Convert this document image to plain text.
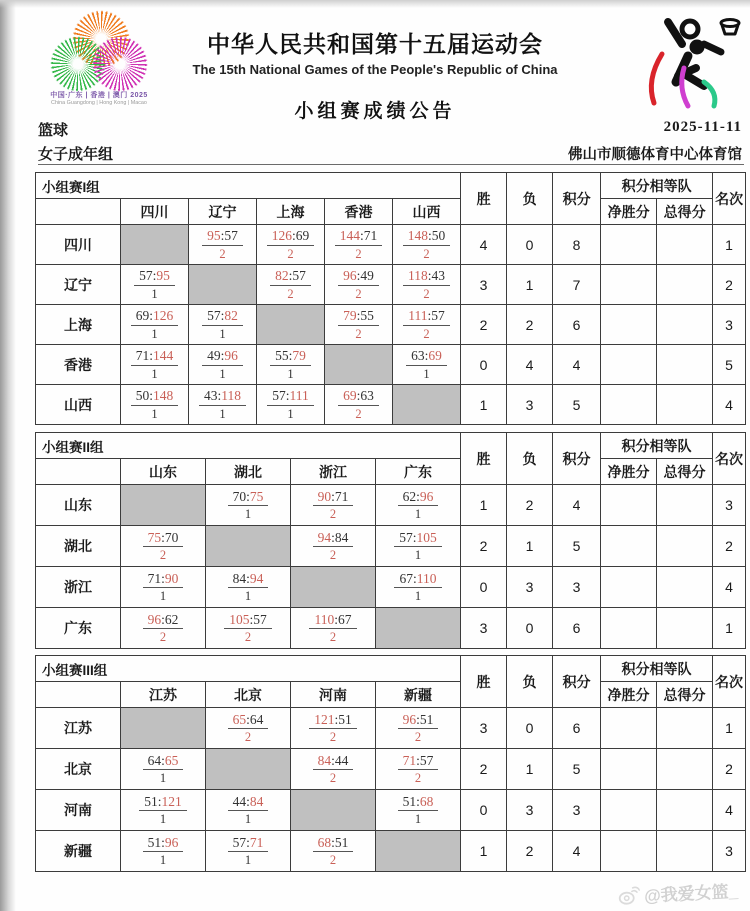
中国·广东 | 香港 | 澳门 2025
China Guangdong | Hong Kong | Macao
中华人民共和国第十五届运动会
The 15th National Games of the People's Republic of China
小组赛成绩公告
篮球	2025-11-11
女子成年组	佛山市顺德体育中心体育馆
小组赛I组						胜	负	积分	积分相等队		名次
	四川	辽宁	上海	香港	山西				净胜分	总得分	
四川		$\frac{95:57}{2}$	$\frac{126:69}{2}$	$\frac{144:71}{2}$	$\frac{148:50}{2}$	4	0	8			1
辽宁	$\frac{57:95}{1}$		$\frac{82:57}{2}$	$\frac{96:49}{2}$	$\frac{118:43}{2}$	3	1	7			2
上海	$\frac{69:126}{1}$	$\frac{57:82}{1}$		$\frac{79:55}{2}$	$\frac{111:57}{2}$	2	2	6			3
香港	$\frac{71:144}{1}$	$\frac{49:96}{1}$	$\frac{55:79}{1}$		$\frac{63:69}{1}$	0	4	4			5
山西	$\frac{50:148}{1}$	$\frac{43:118}{1}$	$\frac{57:111}{1}$	$\frac{69:63}{2}$		1	3	5			4
小组赛II组					胜	负	积分	积分相等队		名次
	山东	湖北	浙江	广东				净胜分	总得分	
山东		$\frac{70:75}{1}$	$\frac{90:71}{2}$	$\frac{62:96}{1}$	1	2	4			3
湖北	$\frac{75:70}{2}$		$\frac{94:84}{2}$	$\frac{57:105}{1}$	2	1	5			2
浙江	$\frac{71:90}{1}$	$\frac{84:94}{1}$		$\frac{67:110}{1}$	0	3	3			4
广东	$\frac{96:62}{2}$	$\frac{105:57}{2}$	$\frac{110:67}{2}$		3	0	6			1
小组赛III组					胜	负	积分	积分相等队		名次
	江苏	北京	河南	新疆				净胜分	总得分	
江苏		$\frac{65:64}{2}$	$\frac{121:51}{2}$	$\frac{96:51}{2}$	3	0	6			1
北京	$\frac{64:65}{1}$		$\frac{84:44}{2}$	$\frac{71:57}{2}$	2	1	5			2
河南	$\frac{51:121}{1}$	$\frac{44:84}{1}$		$\frac{51:68}{1}$	0	3	3			4
新疆	$\frac{51:96}{1}$	$\frac{57:71}{1}$	$\frac{68:51}{2}$		1	2	4			3
@我爱女篮_
